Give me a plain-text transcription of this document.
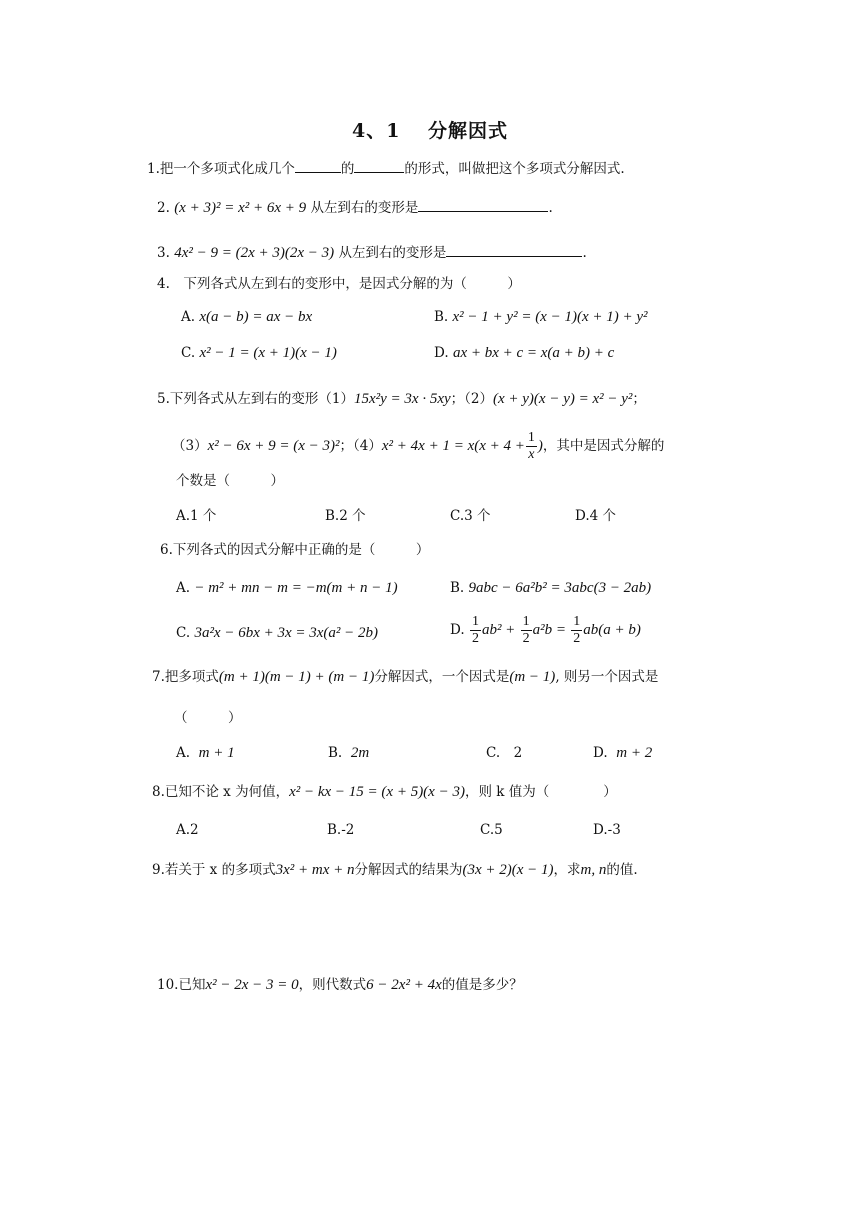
4、1　 分解因式
1.把一个多项式化成几个	的	的形式，叫做把这个多项式分解因式.
2. (x + 3)² = x² + 6x + 9 从左到右的变形是	.
3. 4x² − 9 = (2x + 3)(2x − 3) 从左到右的变形是	.
4.　下列各式从左到右的变形中，是因式分解的为（　　　）
A. x(a − b) = ax − bx	B. x² − 1 + y² = (x − 1)(x + 1) + y²
C. x² − 1 = (x + 1)(x − 1)	D. ax + bx + c = x(a + b) + c
5.下列各式从左到右的变形（1）15x²y = 3x · 5xy；（2）(x + y)(x − y) = x² − y²；
（3）x² − 6x + 9 = (x − 3)²；$(4)x^2 + 4x + 1 = x(x + 4 + \frac{1}{x}$ )，其中是因式分解的
个数是（　　　）
A.1 个	B.2 个	C.3 个	D.4 个
6.下列各式的因式分解中正确的是（　　　）
A. − m² + mn − m = −m(m + n − 1)	B. 9abc − 6a²b² = 3abc(3 − 2ab)
C. 3a²x − 6bx + 3x = 3x(a² − 2b)	D. $\frac{1}{2} ab^2 + \frac{1}{2} a^2b = \frac{1}{2} ab(a + b)$
7.把多项式(m + 1)(m − 1) + (m − 1)分解因式，一个因式是(m − 1), 则另一个因式是
（　　　）
A. m + 1	B. 2m	C.　2	D. m + 2
8.已知不论 x 为何值，x² − kx − 15 = (x + 5)(x − 3)，则 k 值为（　　　　）
A.2	B.-2	C.5	D.-3
9.若关于 x 的多项式3x² + mx + n分解因式的结果为(3x + 2)(x − 1)，求m, n的值.
10.已知x² − 2x − 3 = 0，则代数式6 − 2x² + 4x的值是多少？
